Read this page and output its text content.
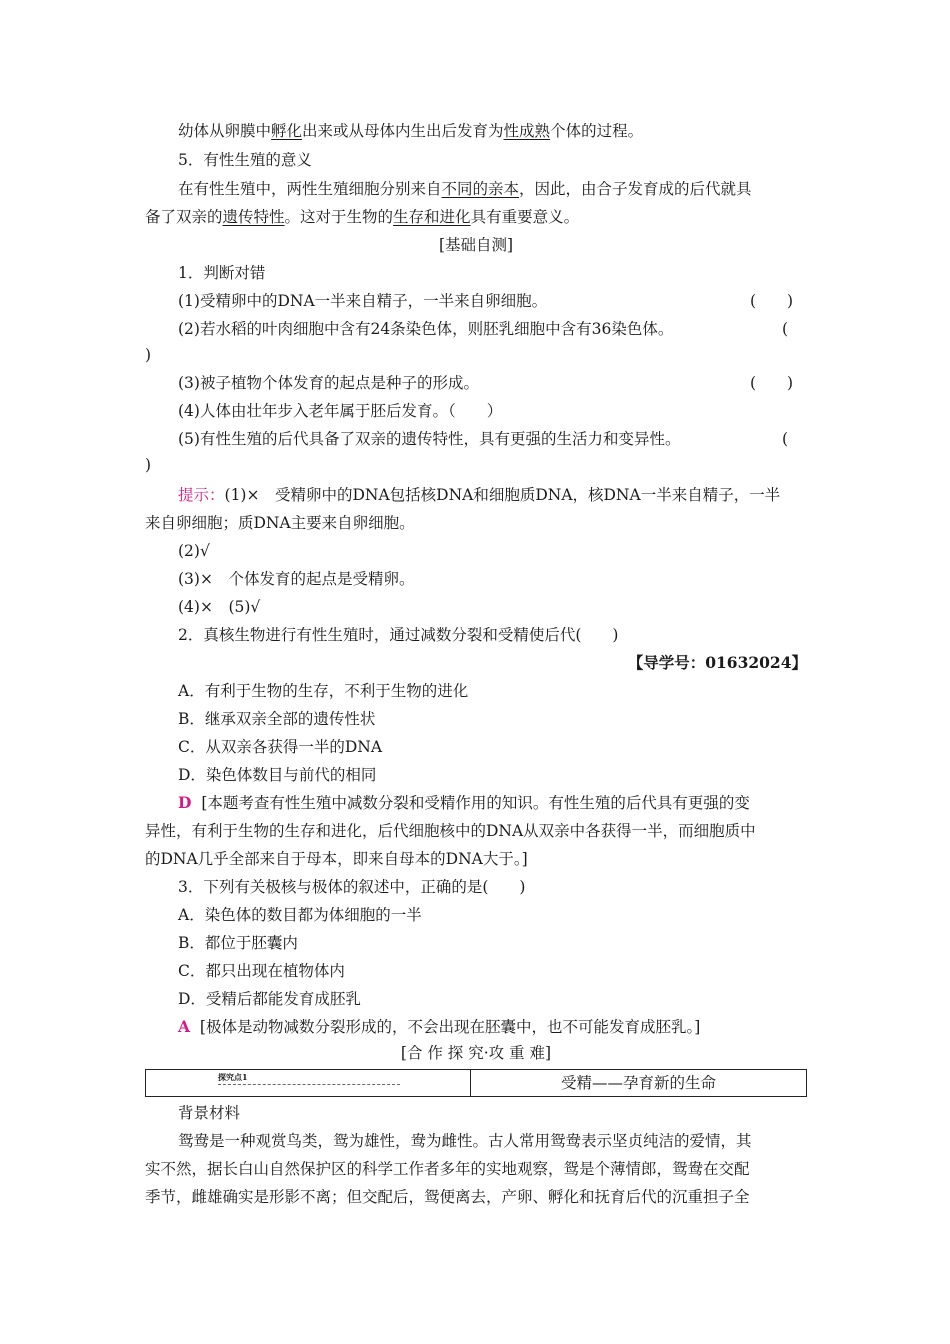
幼体从卵膜中孵化出来或从母体内生出后发育为性成熟个体的过程。
5．有性生殖的意义
在有性生殖中，两性生殖细胞分别来自不同的亲本，因此，由合子发育成的后代就具
备了双亲的遗传特性。这对于生物的生存和进化具有重要意义。
[基础自测]
1．判断对错
(1)受精卵中的DNA一半来自精子，一半来自卵细胞。	(　　)
(2)若水稻的叶肉细胞中含有24条染色体，则胚乳细胞中含有36染色体。	(
)
(3)被子植物个体发育的起点是种子的形成。	(　　)
(4)人体由壮年步入老年属于胚后发育。（　　）
(5)有性生殖的后代具备了双亲的遗传特性，具有更强的生活力和变异性。	(
)
提示：(1)×　受精卵中的DNA包括核DNA和细胞质DNA，核DNA一半来自精子，一半
来自卵细胞；质DNA主要来自卵细胞。
(2)√
(3)×　个体发育的起点是受精卵。
(4)×　(5)√
2．真核生物进行有性生殖时，通过减数分裂和受精使后代(　　)
【导学号：01632024】
A．有利于生物的生存，不利于生物的进化
B．继承双亲全部的遗传性状
C．从双亲各获得一半的DNA
D．染色体数目与前代的相同
D [本题考查有性生殖中减数分裂和受精作用的知识。有性生殖的后代具有更强的变
异性，有利于生物的生存和进化，后代细胞核中的DNA从双亲中各获得一半，而细胞质中
的DNA几乎全部来自于母本，即来自母本的DNA大于。]
3．下列有关极核与极体的叙述中，正确的是(　　)
A．染色体的数目都为体细胞的一半
B．都位于胚囊内
C．都只出现在植物体内
D．受精后都能发育成胚乳
A [极体是动物减数分裂形成的，不会出现在胚囊中，也不可能发育成胚乳。]
[合 作 探 究·攻 重 难]
探究点1	受精——孕育新的生命
背景材料
鸳鸯是一种观赏鸟类，鸳为雄性，鸯为雌性。古人常用鸳鸯表示坚贞纯洁的爱情，其
实不然，据长白山自然保护区的科学工作者多年的实地观察，鸳是个薄情郎，鸳鸯在交配
季节，雌雄确实是形影不离；但交配后，鸳便离去，产卵、孵化和抚育后代的沉重担子全
